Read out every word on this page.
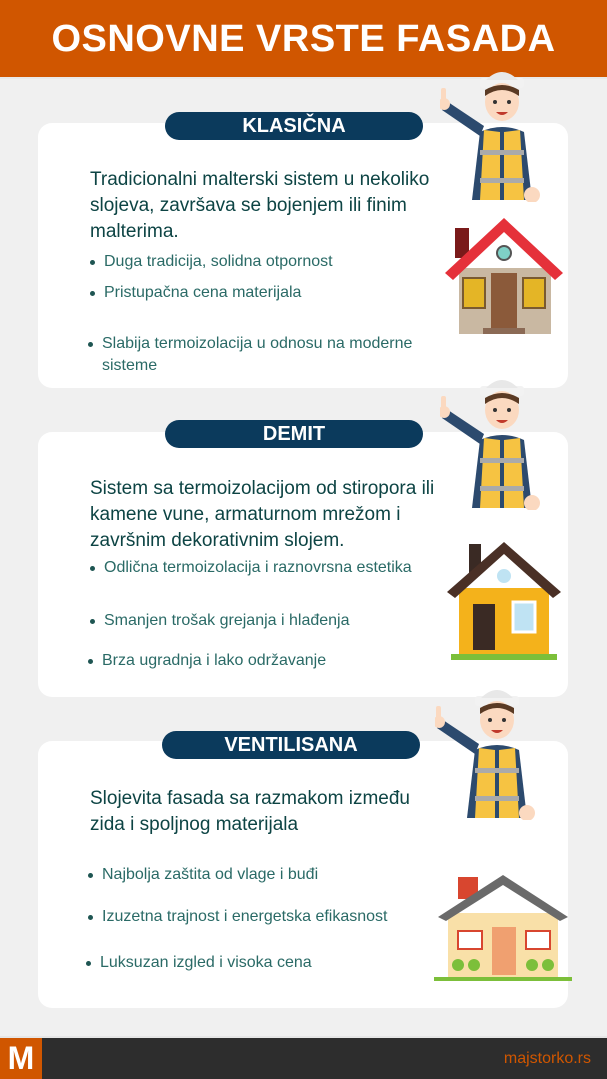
OSNOVNE VRSTE FASADA
KLASIČNA
Tradicionalni malterski sistem u nekoliko slojeva, završava se bojenjem ili finim malterima.
Duga tradicija, solidna otpornost
Pristupačna cena materijala
Slabija termoizolacija u odnosu na moderne sisteme
DEMIT
Sistem sa termoizolacijom od stiropora ili kamene vune, armaturnom mrežom i završnim dekorativnim slojem.
Odlična termoizolacija i raznovrsna estetika
Smanjen trošak grejanja i hlađenja
Brza ugradnja i lako održavanje
VENTILISANA
Slojevita fasada sa razmakom između zida i spoljnog materijala
Najbolja zaštita od vlage i buđi
Izuzetna trajnost i energetska efikasnost
Luksuzan izgled i visoka cena
M	majstorko.rs
